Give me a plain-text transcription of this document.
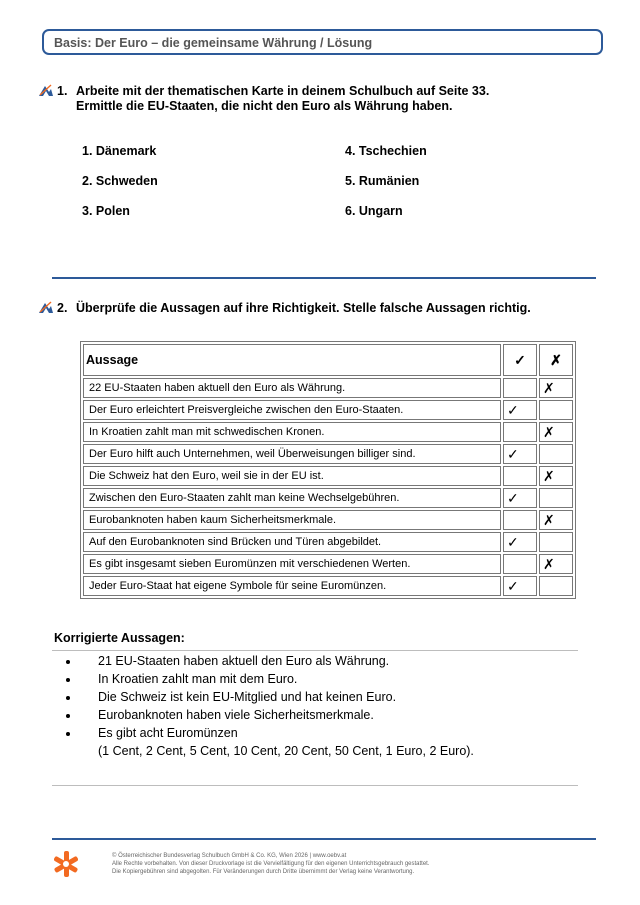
Basis: Der Euro – die gemeinsame Währung / Lösung
1. Arbeite mit der thematischen Karte in deinem Schulbuch auf Seite 33.
Ermittle die EU-Staaten, die nicht den Euro als Währung haben.
1. Dänemark
2. Schweden
3. Polen
4. Tschechien
5. Rumänien
6. Ungarn
2. Überprüfe die Aussagen auf ihre Richtigkeit. Stelle falsche Aussagen richtig.
Aussage	✓	✗
22 EU-Staaten haben aktuell den Euro als Währung.		✗
Der Euro erleichtert Preisvergleiche zwischen den Euro-Staaten.	✓	
In Kroatien zahlt man mit schwedischen Kronen.		✗
Der Euro hilft auch Unternehmen, weil Überweisungen billiger sind.	✓	
Die Schweiz hat den Euro, weil sie in der EU ist.		✗
Zwischen den Euro-Staaten zahlt man keine Wechselgebühren.	✓	
Eurobanknoten haben kaum Sicherheitsmerkmale.		✗
Auf den Eurobanknoten sind Brücken und Türen abgebildet.	✓	
Es gibt insgesamt sieben Euromünzen mit verschiedenen Werten.		✗
Jeder Euro-Staat hat eigene Symbole für seine Euromünzen.	✓	
Korrigierte Aussagen:
• 21 EU-Staaten haben aktuell den Euro als Währung.
• In Kroatien zahlt man mit dem Euro.
• Die Schweiz ist kein EU-Mitglied und hat keinen Euro.
• Eurobanknoten haben viele Sicherheitsmerkmale.
• Es gibt acht Euromünzen
(1 Cent, 2 Cent, 5 Cent, 10 Cent, 20 Cent, 50 Cent, 1 Euro, 2 Euro).
© Österreichischer Bundesverlag Schulbuch GmbH & Co. KG, Wien 2026 | www.oebv.at
Alle Rechte vorbehalten. Von dieser Druckvorlage ist die Vervielfältigung für den eigenen Unterrichtsgebrauch gestattet.
Die Kopiergebühren sind abgegolten. Für Veränderungen durch Dritte übernimmt der Verlag keine Verantwortung.
